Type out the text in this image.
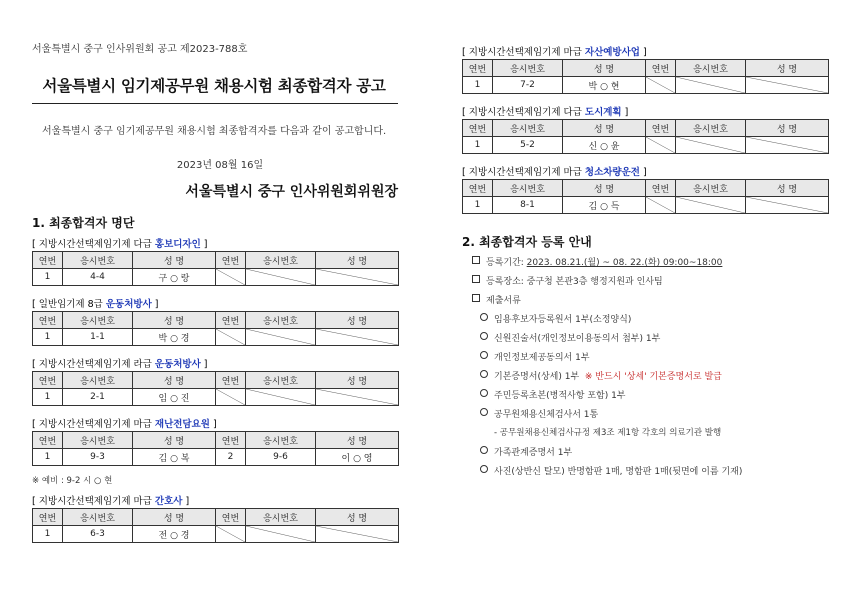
서울특별시 중구 인사위원회 공고 제2023-788호
서울특별시 임기제공무원 채용시험 최종합격자 공고
서울특별시 중구 임기제공무원 채용시험 최종합격자를 다음과 같이 공고합니다.
2023년 08월 16일
서울특별시 중구 인사위원회위원장
1. 최종합격자 명단
[ 지방시간선택제임기제 다급 홍보디자인 ]
연번	응시번호	성 명	연번	응시번호	성 명
1	4-4	구 ○ 랑	

[ 일반임기제 8급 운동처방사 ]
연번	응시번호	성 명	연번	응시번호	성 명
1	1-1	박 ○ 경	

[ 지방시간선택제임기제 라급 운동처방사 ]
연번	응시번호	성 명	연번	응시번호	성 명
1	2-1	임 ○ 진	

[ 지방시간선택제임기제 마급 재난전담요원 ]
연번	응시번호	성 명	연번	응시번호	성 명
1	9-3	김 ○ 복	2	9-6	이 ○ 영
※ 예비 : 9-2 시 ○ 현
[ 지방시간선택제임기제 마급 간호사 ]
연번	응시번호	성 명	연번	응시번호	성 명
1	6-3	전 ○ 경	

[ 지방시간선택제임기제 마급 자산예방사업 ]
연번	응시번호	성 명	연번	응시번호	성 명
1	7-2	박 ○ 현	

[ 지방시간선택제임기제 다급 도시계획 ]
연번	응시번호	성 명	연번	응시번호	성 명
1	5-2	신 ○ 윤	

[ 지방시간선택제임기제 마급 청소차량운전 ]
연번	응시번호	성 명	연번	응시번호	성 명
1	8-1	김 ○ 득	

2. 최종합격자 등록 안내
등록기간: 2023. 08.21.(월) ~ 08. 22.(화) 09:00~18:00
등록장소: 중구청 본관3층 행정지원과 인사팀
제출서류
임용후보자등록원서 1부(소정양식)
신원진술서(개인정보이용동의서 첨부) 1부
개인정보제공동의서 1부
기본증명서(상세) 1부 ※ 반드시 '상세' 기본증명서로 발급
주민등록초본(병적사항 포함) 1부
공무원채용신체검사서 1통
- 공무원채용신체검사규정 제3조 제1항 각호의 의료기관 발행
가족관계증명서 1부
사진(상반신 탈모) 반명함판 1매, 명함판 1매(뒷면에 이름 기재)
